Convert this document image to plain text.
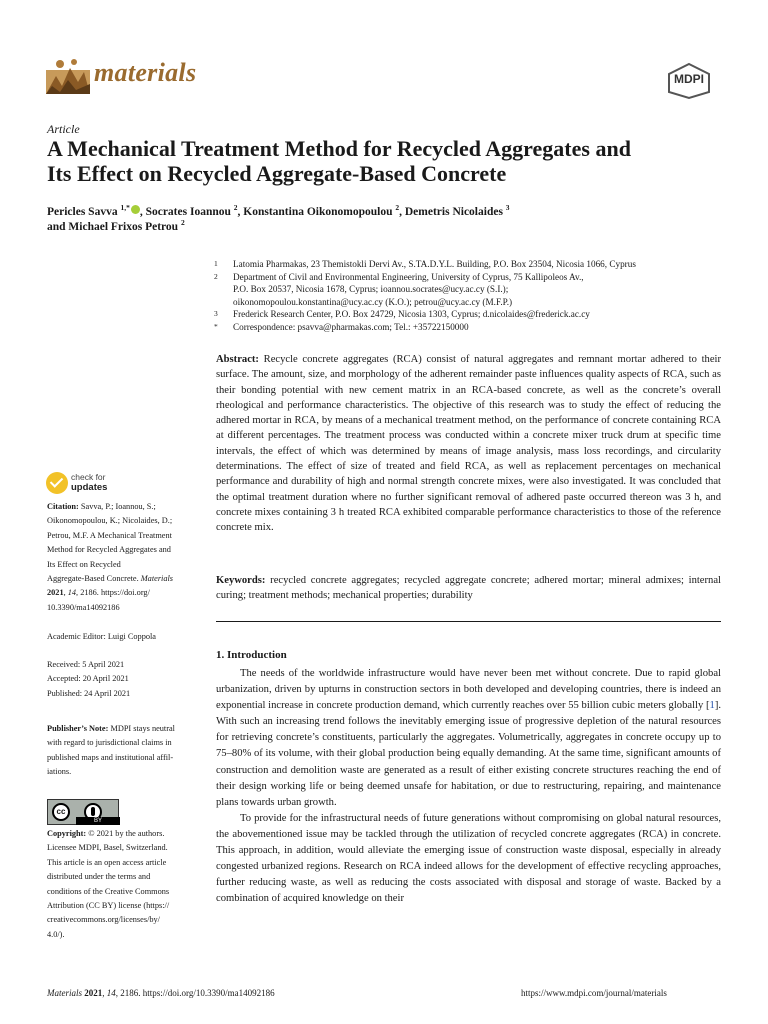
materials	MDPI
Article
A Mechanical Treatment Method for Recycled Aggregates and
Its Effect on Recycled Aggregate-Based Concrete
Pericles Savva $^{1,*}$ , Socrates Ioannou $^2$, Konstantina Oikonomopoulou $^2$, Demetris Nicolaides $^3$
and Michael Frixos Petrou $^2$
1 Latomia Pharmakas, 23 Themistokli Dervi Av., S.TA.D.Y.L. Building, P.O. Box 23504, Nicosia 1066, Cyprus
2 Department of Civil and Environmental Engineering, University of Cyprus, 75 Kallipoleos Av.,
P.O. Box 20537, Nicosia 1678, Cyprus; ioannou.socrates@ucy.ac.cy (S.I.);
oikonomopoulou.konstantina@ucy.ac.cy (K.O.); petrou@ucy.ac.cy (M.F.P.)
3 Frederick Research Center, P.O. Box 24729, Nicosia 1303, Cyprus; d.nicolaides@frederick.ac.cy
* Correspondence: psavva@pharmakas.com; Tel.: +35722150000

Abstract: Recycle concrete aggregates (RCA) consist of natural aggregates and remnant mortar adhered to their surface. The amount, size, and morphology of the adherent remainder paste influences quality aspects of RCA, such as their bonding potential with new cement matrix in an RCA-based concrete, as well as the concrete’s overall rheological and performance characteristics. The objective of this research was to study the effect of reducing the adhered mortar in RCA, by means of a mechanical treatment method, on the performance of concrete containing RCA at different percentages. The treatment process was conducted within a concrete mixer truck drum at specific time intervals, the effect of which was determined by means of image analysis, mass loss recordings, and circularity determinations. The effect of size of treated and field RCA, as well as replacement percentages on mechanical performance and durability of high and normal strength concrete mixes, were also investigated. It was concluded that the optimal treatment duration where no further significant removal of adhered paste occurred thereon was 3 h, and concrete mixes containing 3 h treated RCA exhibited comparable performance characteristics to those of the reference concrete mix.

Keywords: recycled concrete aggregates; recycled aggregate concrete; adhered mortar; mineral admixes; internal curing; treatment methods; mechanical properties; durability

1. Introduction

The needs of the worldwide infrastructure would have never been met without concrete. Due to rapid global urbanization, driven by upturns in construction sectors in both developed and developing countries, there is indeed an exponential increase in concrete production demand, which currently reaches over 55 billion cubic meters globally [1]. With such an increasing trend follows the inevitably emerging issue of progressive depletion of the natural resources for retrieving concrete’s constituents, particularly the aggregates. Volumetrically, aggregates in concrete occupy up to 75–80% of its volume, with their global production being equally demanding. At the same time, significant amounts of construction and demolition waste are generated as a result of either existing concrete structures reaching the end of their design working life or being deemed unsafe for habitation, or due to restructuring, repairing, and maintenance plans towards urban growth.

To provide for the infrastructural needs of future generations without compromising on global natural resources, the abovementioned issue may be tackled through the utilization of recycled concrete aggregates (RCA) in concrete. This approach, in addition, would alleviate the emerging issue of construction waste disposal, especially in already congested urbanized regions. Research on RCA indeed allows for the development of effective recycling approaches, further reducing waste, as well as reducing the costs associated with disposal and storage of waste. Backed by a combination of acquired knowledge on their

check for
updates
Citation: Savva, P.; Ioannou, S.;
Oikonomopoulou, K.; Nicolaides, D.;
Petrou, M.F. A Mechanical Treatment
Method for Recycled Aggregates and
Its Effect on Recycled
Aggregate-Based Concrete. Materials
2021, 14, 2186. https://doi.org/
10.3390/ma14092186
Academic Editor: Luigi Coppola
Received: 5 April 2021
Accepted: 20 April 2021
Published: 24 April 2021
Publisher’s Note: MDPI stays neutral
with regard to jurisdictional claims in
published maps and institutional affil-
iations.
cc
BY
Copyright: © 2021 by the authors.
Licensee MDPI, Basel, Switzerland.
This article is an open access article
distributed under the terms and
conditions of the Creative Commons
Attribution (CC BY) license (https://
creativecommons.org/licenses/by/
4.0/).
Materials 2021, 14, 2186. https://doi.org/10.3390/ma14092186	https://www.mdpi.com/journal/materials
